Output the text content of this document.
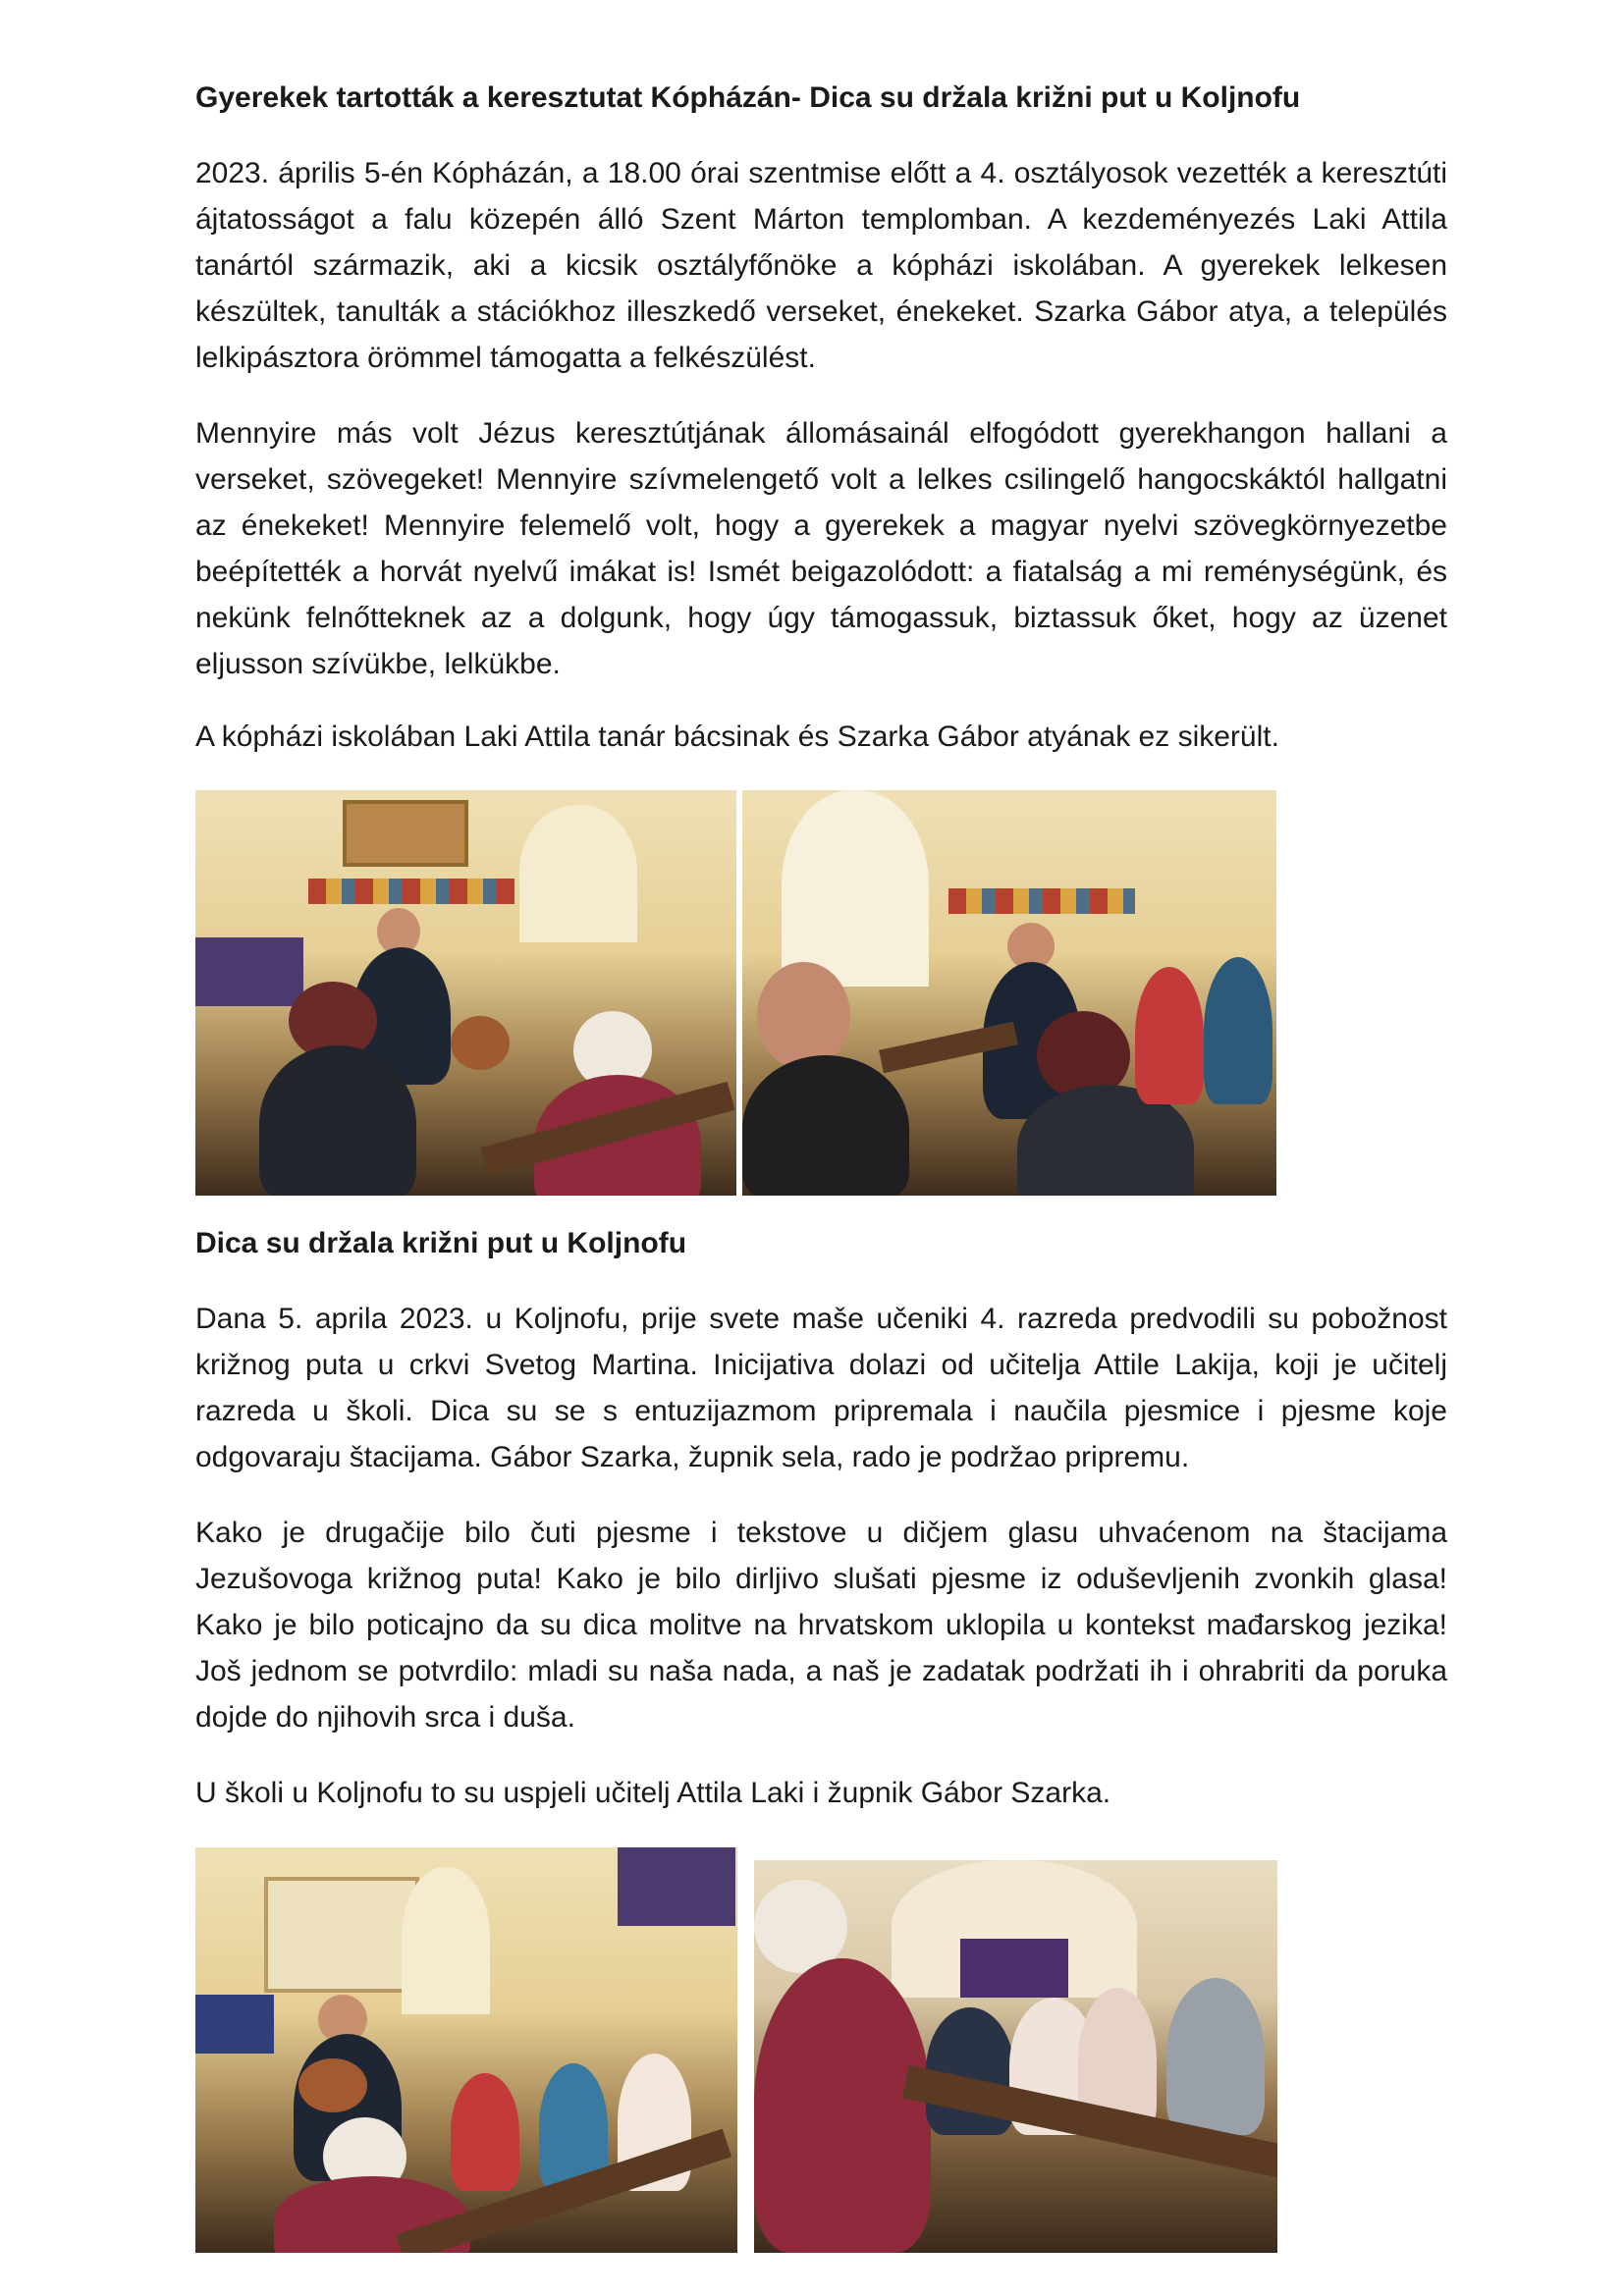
Gyerekek tartották a keresztutat Kópházán- Dica su držala križni put u Koljnofu

2023. április 5-én Kópházán, a 18.00 órai szentmise előtt a 4. osztályosok vezették a keresztúti ájtatosságot a falu közepén álló Szent Márton templomban. A kezdeményezés Laki Attila tanártól származik, aki a kicsik osztályfőnöke a kópházi iskolában. A gyerekek lelkesen készültek, tanulták a stációkhoz illeszkedő verseket, énekeket. Szarka Gábor atya, a település lelkipásztora örömmel támogatta a felkészülést.

Mennyire más volt Jézus keresztútjának állomásainál elfogódott gyerekhangon hallani a verseket, szövegeket! Mennyire szívmelengető volt a lelkes csilingelő hangocskáktól hallgatni az énekeket! Mennyire felemelő volt, hogy a gyerekek a magyar nyelvi szövegkörnyezetbe beépítették a horvát nyelvű imákat is! Ismét beigazolódott: a fiatalság a mi reménységünk, és nekünk felnőtteknek az a dolgunk, hogy úgy támogassuk, biztassuk őket, hogy az üzenet eljusson szívükbe, lelkükbe.

A kópházi iskolában Laki Attila tanár bácsinak és Szarka Gábor atyának ez sikerült.

Dica su držala križni put u Koljnofu

Dana 5. aprila 2023. u Koljnofu, prije svete maše učeniki 4. razreda predvodili su pobožnost križnog puta u crkvi Svetog Martina. Inicijativa dolazi od učitelja Attile Lakija, koji je učitelj razreda u školi. Dica su se s entuzijazmom pripremala i naučila pjesmice i pjesme koje odgovaraju štacijama. Gábor Szarka, župnik sela, rado je podržao pripremu.

Kako je drugačije bilo čuti pjesme i tekstove u dičjem glasu uhvaćenom na štacijama Jezušovoga križnog puta! Kako je bilo dirljivo slušati pjesme iz oduševljenih zvonkih glasa! Kako je bilo poticajno da su dica molitve na hrvatskom uklopila u kontekst mađarskog jezika! Još jednom se potvrdilo: mladi su naša nada, a naš je zadatak podržati ih i ohrabriti da poruka dojde do njihovih srca i duša.

U školi u Koljnofu to su uspjeli učitelj Attila Laki i župnik Gábor Szarka.
